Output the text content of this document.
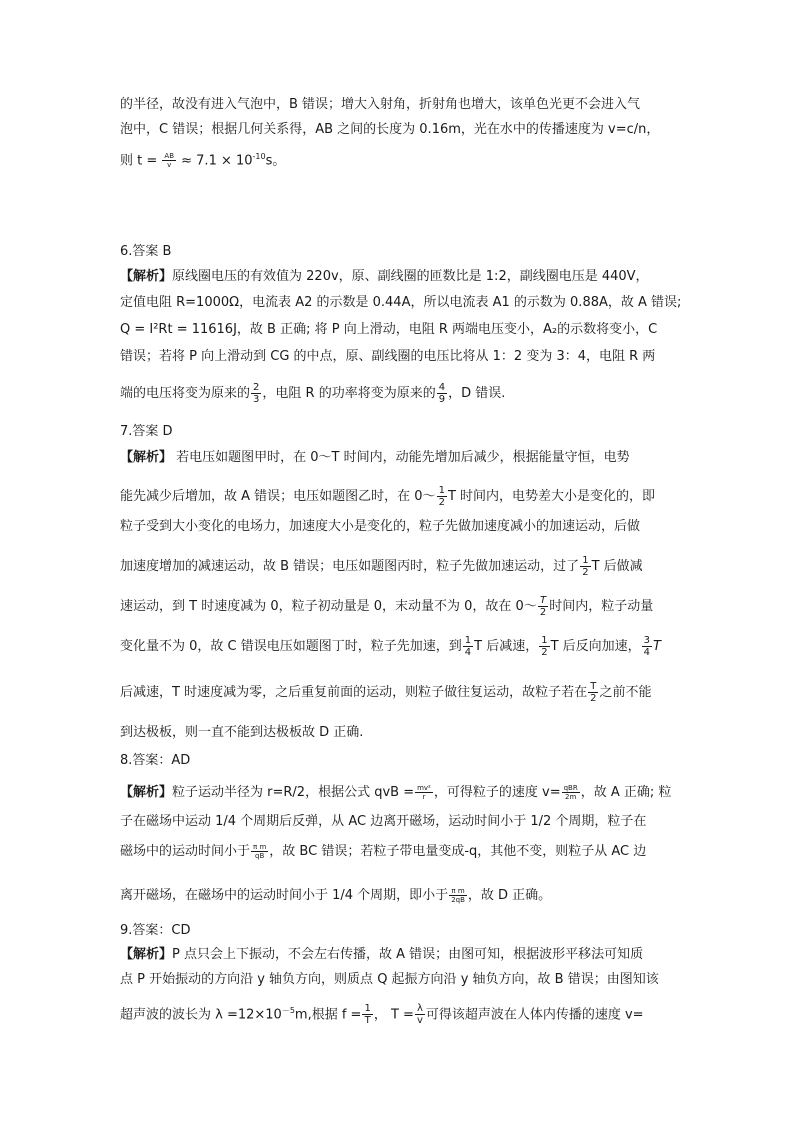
的半径，故没有进入气泡中，B 错误；增大入射角，折射角也增大，该单色光更不会进入气
泡中，C 错误；根据几何关系得，AB 之间的长度为 0.16m，光在水中的传播速度为 v=c/n，
则 $t = \frac{AB}{v} \approx 7.1 \times 10^{-10}s$。
6.答案 B
【解析】原线圈电压的有效值为 220v，原、副线圈的匝数比是 1:2，副线圈电压是 440V，
定值电阻 R=1000Ω，电流表 A2 的示数是 0.44A，所以电流表 A1 的示数为 0.88A，故 A 错误;
Q = I²Rt = 11616J，故 B 正确; 将 P 向上滑动，电阻 R 两端电压变小，A₂的示数将变小，C
错误；若将 P 向上滑动到 CG 的中点，原、副线圈的电压比将从 1：2 变为 3：4，电阻 R 两
端的电压将变为原来的 $\frac{2}{3}$ ，电阻 R 的功率将变为原来的 $\frac{4}{9}$ ，D 错误.
7.答案 D
【解析】 若电压如题图甲时，在 0～T 时间内，动能先增加后减少，根据能量守恒，电势
能先减少后增加，故 A 错误；电压如题图乙时，在 0～ $\frac{1}{2}$ T 时间内，电势差大小是变化的，即
粒子受到大小变化的电场力，加速度大小是变化的，粒子先做加速度减小的加速运动，后做
加速度增加的减速运动，故 B 错误；电压如题图丙时，粒子先做加速运动，过了 $\frac{1}{2}$ T 后做减
速运动，到 T 时速度减为 0，粒子初动量是 0，末动量不为 0，故在 0～ $\frac{T}{2}$ 时间内，粒子动量
变化量不为 0，故 C 错误电压如题图丁时，粒子先加速，到 $\frac{1}{4}$ T 后减速， $\frac{1}{2}$ T 后反向加速， $\frac{3}{4}$ T
后减速，T 时速度减为零，之后重复前面的运动，则粒子做往复运动，故粒子若在 $\frac{T}{2}$ 之前不能
到达极板，则一直不能到达极板故 D 正确.
8.答案：AD
【解析】粒子运动半径为 r=R/2，根据公式 qvB = $\frac{\text{mv²}}{r}$ ，可得粒子的速度 $v= \frac{\text{qBR}}{2m}$ ，故 A 正确; 粒
子在磁场中运动 1/4 个周期后反弹，从 AC 边离开磁场，运动时间小于 1/2 个周期，粒子在
磁场中的运动时间小于 $\frac{\text{π m}}{qB}$ ，故 BC 错误；若粒子带电量变成-q，其他不变，则粒子从 AC 边
离开磁场，在磁场中的运动时间小于 1/4 个周期，即小于 $\frac{\text{π m}}{2qB}$ ，故 D 正确。
9.答案：CD
【解析】P 点只会上下振动，不会左右传播，故 A 错误；由图可知，根据波形平移法可知质
点 P 开始振动的方向沿 y 轴负方向，则质点 Q 起振方向沿 y 轴负方向，故 B 错误；由图知该
超声波的波长为 $\lambda =12\times 10^{-5}m$,根据 $f = \frac{1}{T}$ ， $T = \frac{\lambda}{v}$ 可得该超声波在人体内传播的速度 v=
